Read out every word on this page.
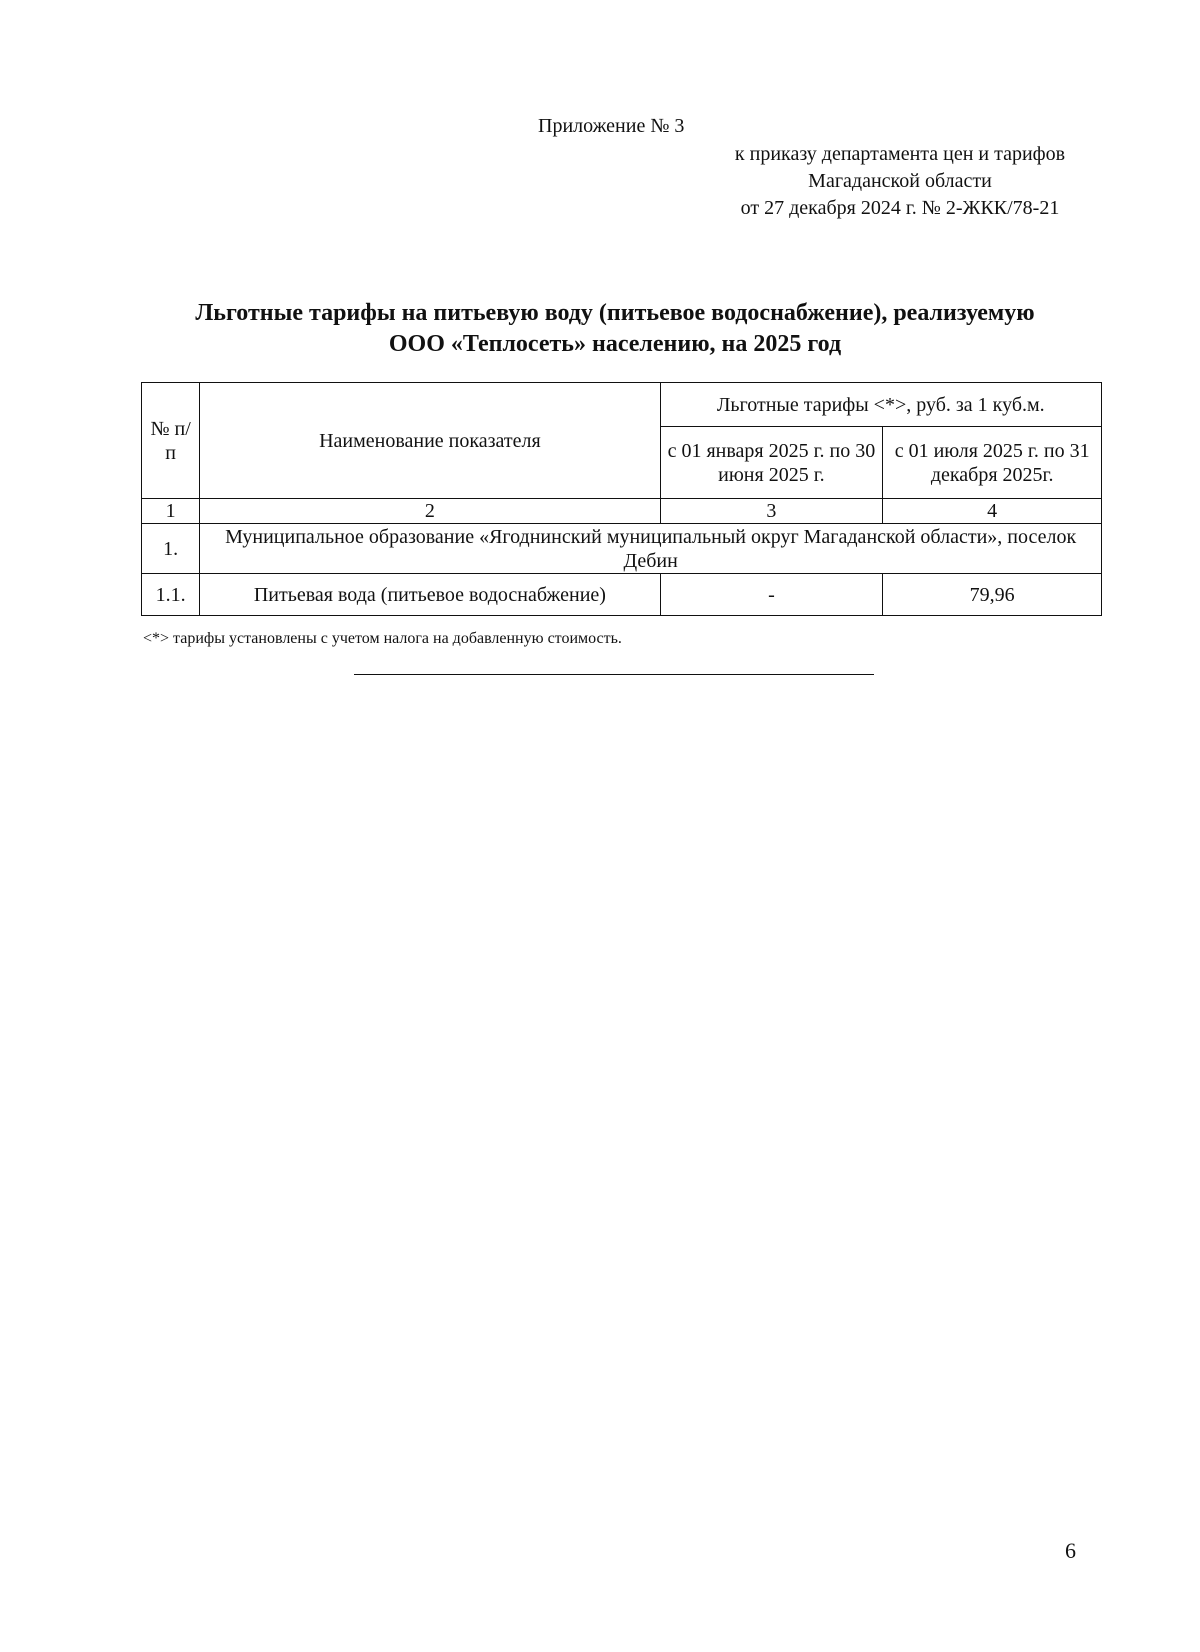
Приложение № 3
к приказу департамента цен и тарифов
Магаданской области
от 27 декабря 2024 г. № 2-ЖКК/78-21
Льготные тарифы на питьевую воду (питьевое водоснабжение), реализуемую
ООО «Теплосеть» населению, на 2025 год
№ п/п	Наименование показателя	Льготные тарифы <*>, руб. за 1 куб.м.	
		с 01 января 2025 г. по 30 июня 2025 г.	с 01 июля 2025 г. по 31 декабря 2025г.
1	2	3	4
1.	Муниципальное образование «Ягоднинский муниципальный округ Магаданской области», поселок Дебин		
1.1.	Питьевая вода (питьевое водоснабжение)	-	79,96
<*> тарифы установлены с учетом налога на добавленную стоимость.
6
